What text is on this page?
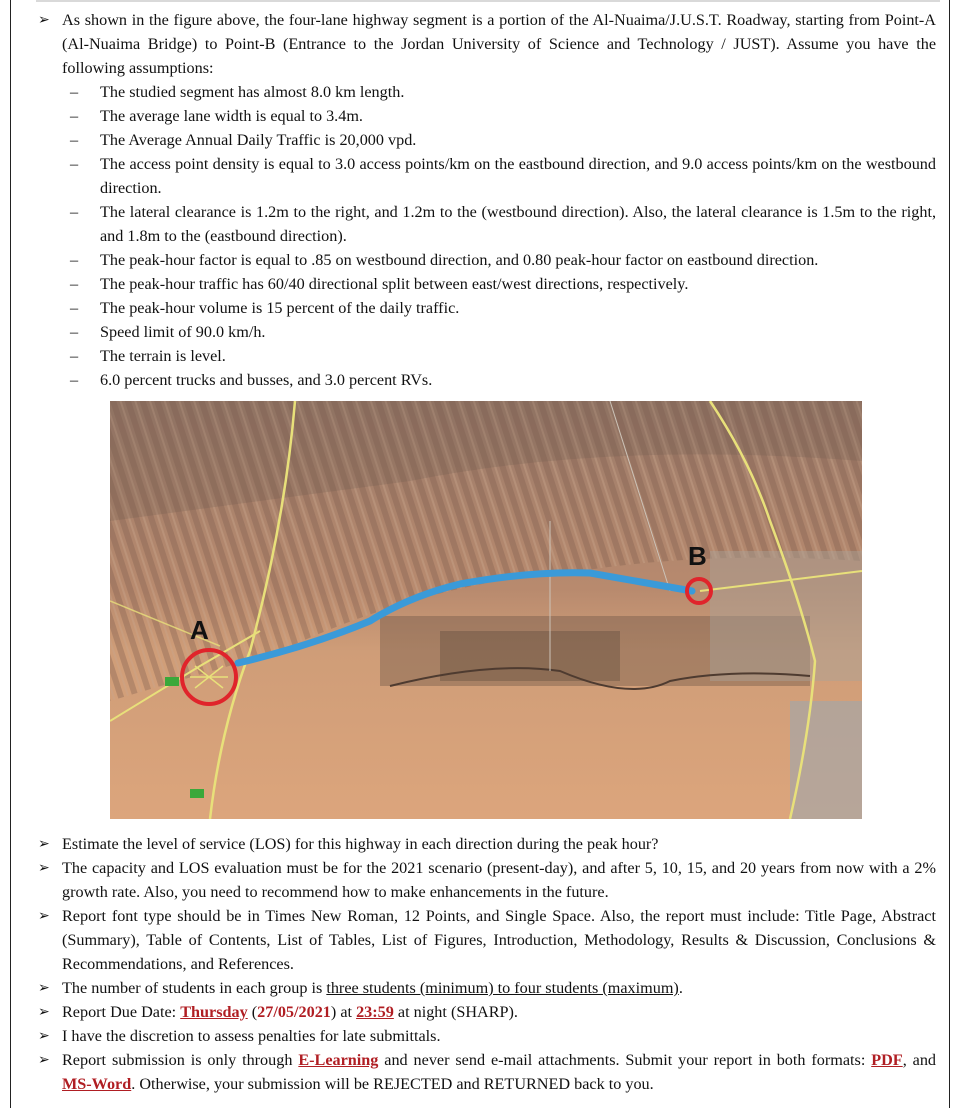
➢ As shown in the figure above, the four-lane highway segment is a portion of the Al-Nuaima/J.U.S.T. Roadway, starting from Point-A (Al-Nuaima Bridge) to Point-B (Entrance to the Jordan University of Science and Technology / JUST). Assume you have the following assumptions:
– The studied segment has almost 8.0 km length.
– The average lane width is equal to 3.4m.
– The Average Annual Daily Traffic is 20,000 vpd.
– The access point density is equal to 3.0 access points/km on the eastbound direction, and 9.0 access points/km on the westbound direction.
– The lateral clearance is 1.2m to the right, and 1.2m to the (westbound direction). Also, the lateral clearance is 1.5m to the right, and 1.8m to the (eastbound direction).
– The peak-hour factor is equal to .85 on westbound direction, and 0.80 peak-hour factor on eastbound direction.
– The peak-hour traffic has 60/40 directional split between east/west directions, respectively.
– The peak-hour volume is 15 percent of the daily traffic.
– Speed limit of 90.0 km/h.
– The terrain is level.
– 6.0 percent trucks and busses, and 3.0 percent RVs.
A
B
➢ Estimate the level of service (LOS) for this highway in each direction during the peak hour?
➢ The capacity and LOS evaluation must be for the 2021 scenario (present-day), and after 5, 10, 15, and 20 years from now with a 2% growth rate. Also, you need to recommend how to make enhancements in the future.
➢ Report font type should be in Times New Roman, 12 Points, and Single Space. Also, the report must include: Title Page, Abstract (Summary), Table of Contents, List of Tables, List of Figures, Introduction, Methodology, Results & Discussion, Conclusions & Recommendations, and References.
➢ The number of students in each group is three students (minimum) to four students (maximum).
➢ Report Due Date: Thursday (27/05/2021) at 23:59 at night (SHARP).
➢ I have the discretion to assess penalties for late submittals.
➢ Report submission is only through E-Learning and never send e-mail attachments. Submit your report in both formats: PDF, and MS-Word. Otherwise, your submission will be REJECTED and RETURNED back to you.
